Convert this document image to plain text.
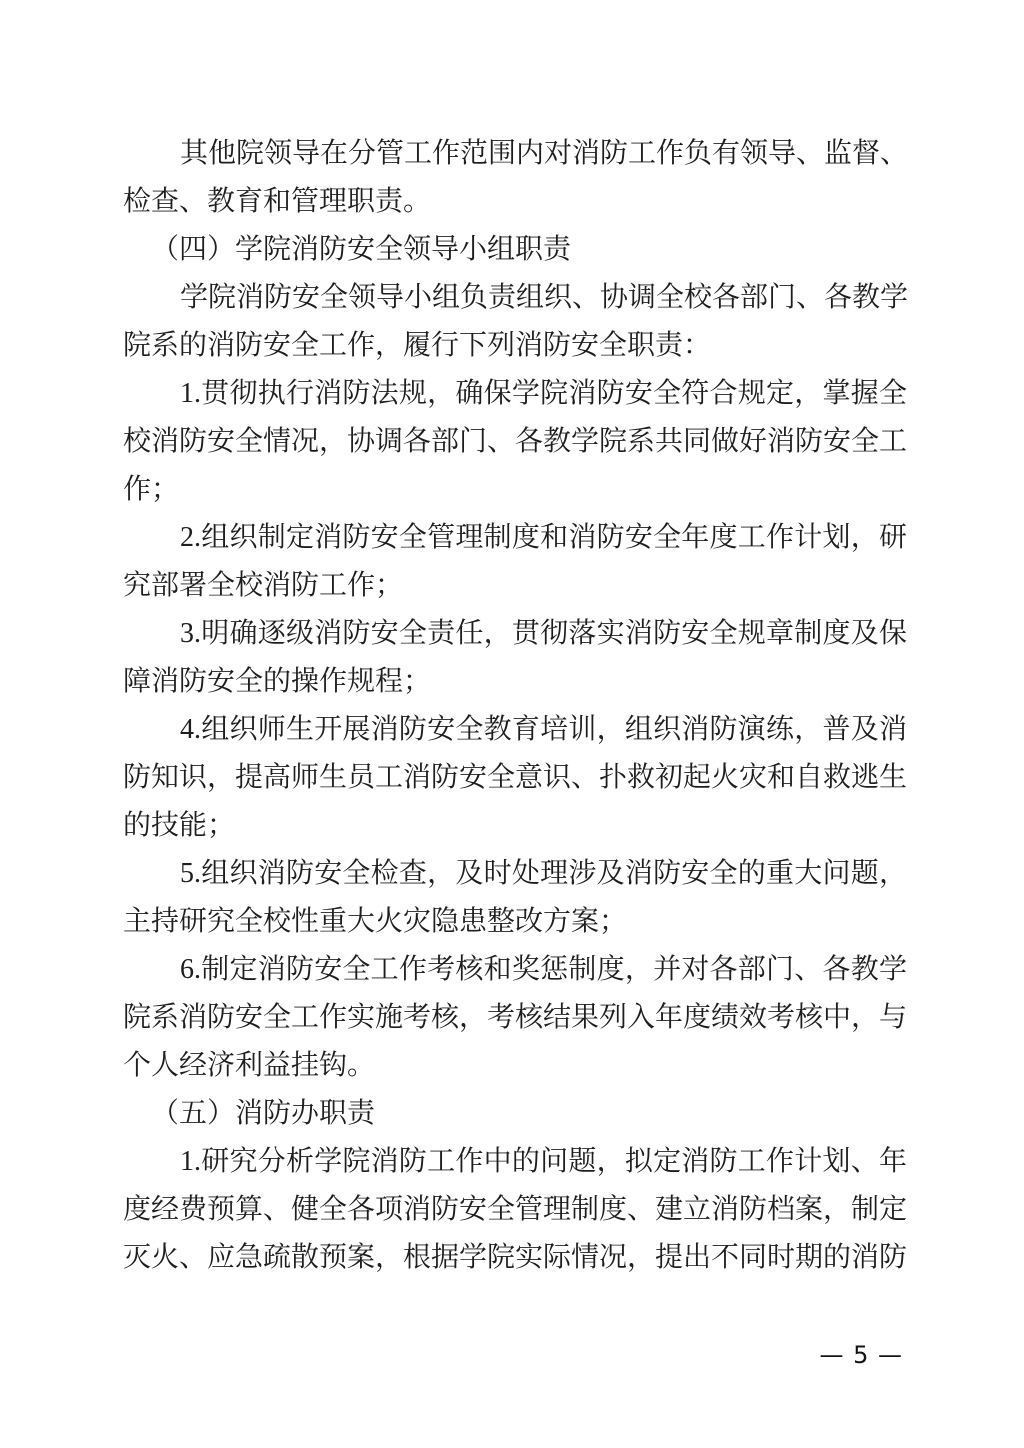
其他院领导在分管工作范围内对消防工作负有领导、监督、
检查、教育和管理职责。
（四）学院消防安全领导小组职责
学院消防安全领导小组负责组织、协调全校各部门、各教学
院系的消防安全工作，履行下列消防安全职责：
1.贯彻执行消防法规，确保学院消防安全符合规定，掌握全
校消防安全情况，协调各部门、各教学院系共同做好消防安全工
作；
2.组织制定消防安全管理制度和消防安全年度工作计划，研
究部署全校消防工作；
3.明确逐级消防安全责任，贯彻落实消防安全规章制度及保
障消防安全的操作规程；
4.组织师生开展消防安全教育培训，组织消防演练，普及消
防知识，提高师生员工消防安全意识、扑救初起火灾和自救逃生
的技能；
5.组织消防安全检查，及时处理涉及消防安全的重大问题，
主持研究全校性重大火灾隐患整改方案；
6.制定消防安全工作考核和奖惩制度，并对各部门、各教学
院系消防安全工作实施考核，考核结果列入年度绩效考核中，与
个人经济利益挂钩。
（五）消防办职责
1.研究分析学院消防工作中的问题，拟定消防工作计划、年
度经费预算、健全各项消防安全管理制度、建立消防档案，制定
灭火、应急疏散预案，根据学院实际情况，提出不同时期的消防
— 5 —
